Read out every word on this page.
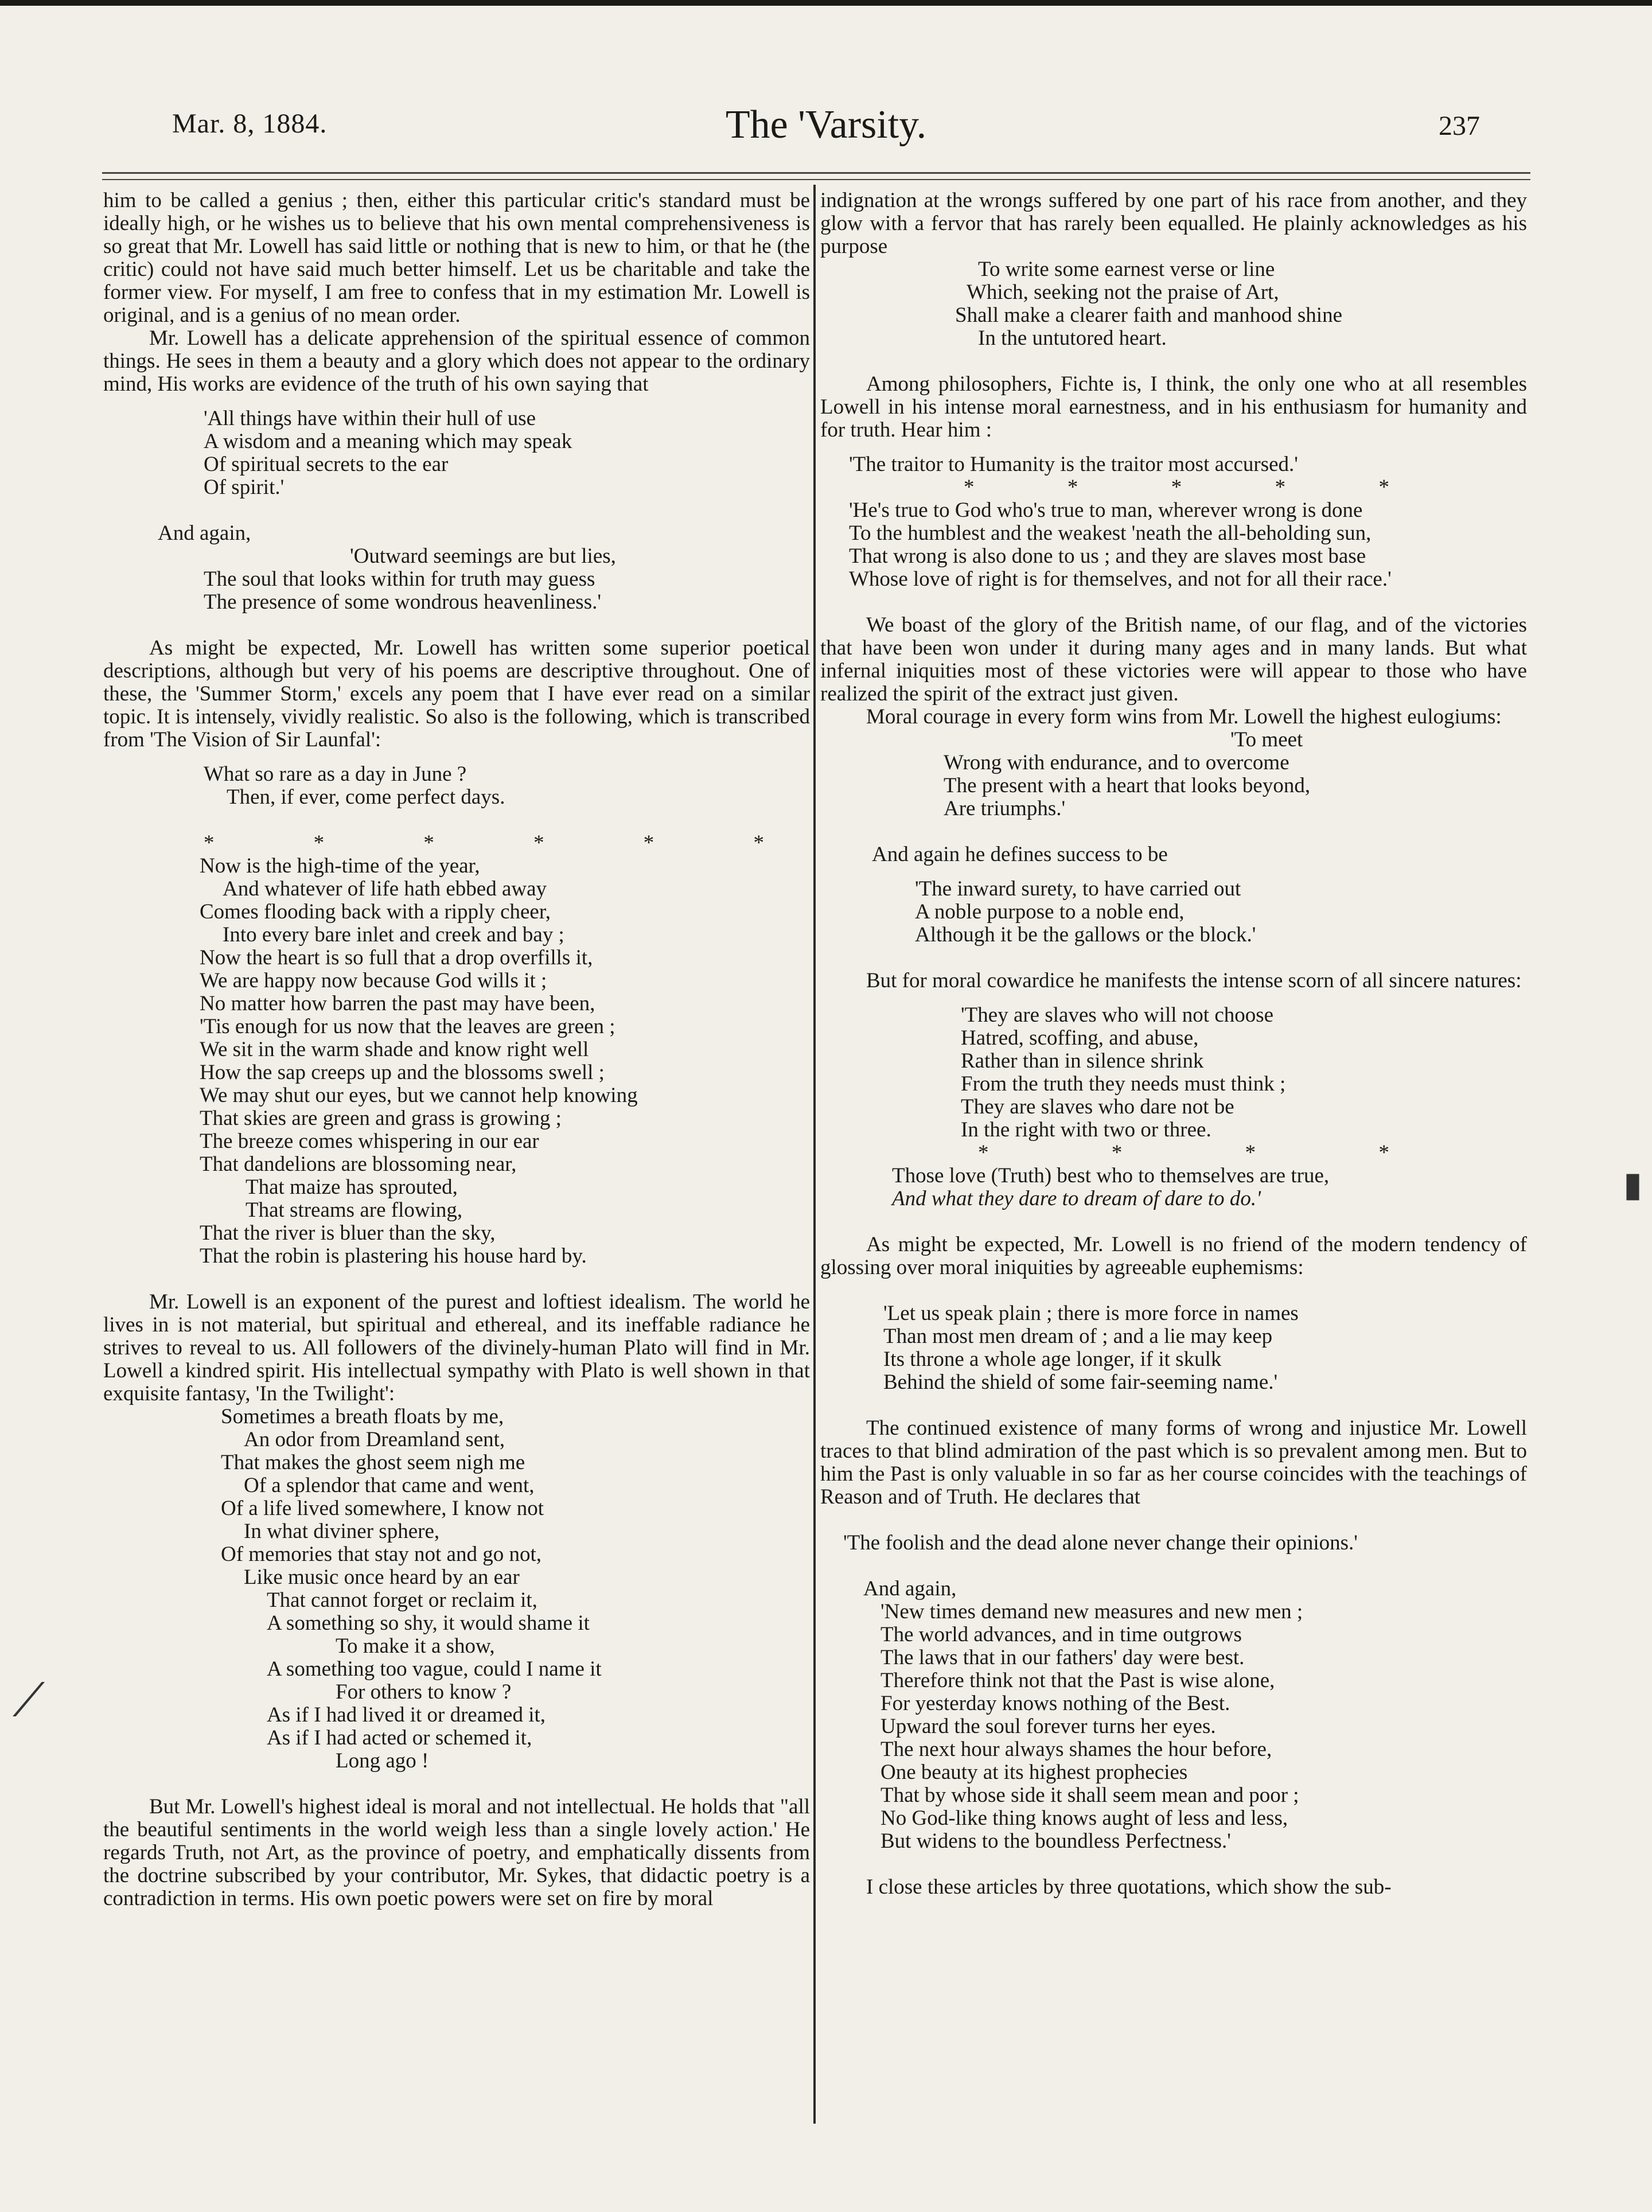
Mar. 8, 1884.	The 'Varsity.	237

him to be called a genius ; then, either this particular critic's standard must be ideally high, or he wishes us to believe that his own mental comprehensiveness is so great that Mr. Lowell has said little or nothing that is new to him, or that he (the critic) could not have said much better himself. Let us be charitable and take the former view. For myself, I am free to confess that in my estimation Mr. Lowell is original, and is a genius of no mean order.

Mr. Lowell has a delicate apprehension of the spiritual essence of common things. He sees in them a beauty and a glory which does not appear to the ordinary mind, His works are evidence of the truth of his own saying that

'All things have within their hull of use
A wisdom and a meaning which may speak
Of spiritual secrets to the ear
Of spirit.'

And again,

'Outward seemings are but lies,
The soul that looks within for truth may guess
The presence of some wondrous heavenliness.'

As might be expected, Mr. Lowell has written some superior poetical descriptions, although but very of his poems are descriptive throughout. One of these, the 'Summer Storm,' excels any poem that I have ever read on a similar topic. It is intensely, vividly realistic. So also is the following, which is transcribed from 'The Vision of Sir Launfal':

What so rare as a day in June ?
Then, if ever, come perfect days.
*	*	*	*	*	*
Now is the high-time of the year,
And whatever of life hath ebbed away
Comes flooding back with a ripply cheer,
Into every bare inlet and creek and bay ;
Now the heart is so full that a drop overfills it,
We are happy now because God wills it ;
No matter how barren the past may have been,
'Tis enough for us now that the leaves are green ;
We sit in the warm shade and know right well
How the sap creeps up and the blossoms swell ;
We may shut our eyes, but we cannot help knowing
That skies are green and grass is growing ;
The breeze comes whispering in our ear
That dandelions are blossoming near,
That maize has sprouted,
That streams are flowing,
That the river is bluer than the sky,
That the robin is plastering his house hard by.

Mr. Lowell is an exponent of the purest and loftiest idealism. The world he lives in is not material, but spiritual and ethereal, and its ineffable radiance he strives to reveal to us. All followers of the divinely-human Plato will find in Mr. Lowell a kindred spirit. His intellectual sympathy with Plato is well shown in that exquisite fantasy, 'In the Twilight':

Sometimes a breath floats by me,
An odor from Dreamland sent,
That makes the ghost seem nigh me
Of a splendor that came and went,
Of a life lived somewhere, I know not
In what diviner sphere,
Of memories that stay not and go not,
Like music once heard by an ear
That cannot forget or reclaim it,
A something so shy, it would shame it
To make it a show,
A something too vague, could I name it
For others to know ?
As if I had lived it or dreamed it,
As if I had acted or schemed it,
Long ago !

But Mr. Lowell's highest ideal is moral and not intellectual. He holds that "all the beautiful sentiments in the world weigh less than a single lovely action.' He regards Truth, not Art, as the province of poetry, and emphatically dissents from the doctrine subscribed by your contributor, Mr. Sykes, that didactic poetry is a contradiction in terms. His own poetic powers were set on fire by moral

indignation at the wrongs suffered by one part of his race from another, and they glow with a fervor that has rarely been equalled. He plainly acknowledges as his purpose

To write some earnest verse or line
Which, seeking not the praise of Art,
Shall make a clearer faith and manhood shine
In the untutored heart.

Among philosophers, Fichte is, I think, the only one who at all resembles Lowell in his intense moral earnestness, and in his enthusiasm for humanity and for truth. Hear him :

'The traitor to Humanity is the traitor most accursed.'

*	*	*	*	*
'He's true to God who's true to man, wherever wrong is done
To the humblest and the weakest 'neath the all-beholding sun,
That wrong is also done to us ; and they are slaves most base
Whose love of right is for themselves, and not for all their race.'

We boast of the glory of the British name, of our flag, and of the victories that have been won under it during many ages and in many lands. But what infernal iniquities most of these victories were will appear to those who have realized the spirit of the extract just given.

Moral courage in every form wins from Mr. Lowell the highest eulogiums:

'To meet
Wrong with endurance, and to overcome
The present with a heart that looks beyond,
Are triumphs.'

And again he defines success to be

'The inward surety, to have carried out
A noble purpose to a noble end,
Although it be the gallows or the block.'

But for moral cowardice he manifests the intense scorn of all sincere natures:

'They are slaves who will not choose
Hatred, scoffing, and abuse,
Rather than in silence shrink
From the truth they needs must think ;
They are slaves who dare not be
In the right with two or three.
*	*	*	*
Those love (Truth) best who to themselves are true,
And what they dare to dream of dare to do.'

As might be expected, Mr. Lowell is no friend of the modern tendency of glossing over moral iniquities by agreeable euphemisms:

'Let us speak plain ; there is more force in names
Than most men dream of ; and a lie may keep
Its throne a whole age longer, if it skulk
Behind the shield of some fair-seeming name.'

The continued existence of many forms of wrong and injustice Mr. Lowell traces to that blind admiration of the past which is so prevalent among men. But to him the Past is only valuable in so far as her course coincides with the teachings of Reason and of Truth. He declares that

'The foolish and the dead alone never change their opinions.'

And again,

'New times demand new measures and new men ;
The world advances, and in time outgrows
The laws that in our fathers' day were best.
Therefore think not that the Past is wise alone,
For yesterday knows nothing of the Best.
Upward the soul forever turns her eyes.
The next hour always shames the hour before,
One beauty at its highest prophecies
That by whose side it shall seem mean and poor ;
No God-like thing knows aught of less and less,
But widens to the boundless Perfectness.'

I close these articles by three quotations, which show the sub-

⟋
▮
